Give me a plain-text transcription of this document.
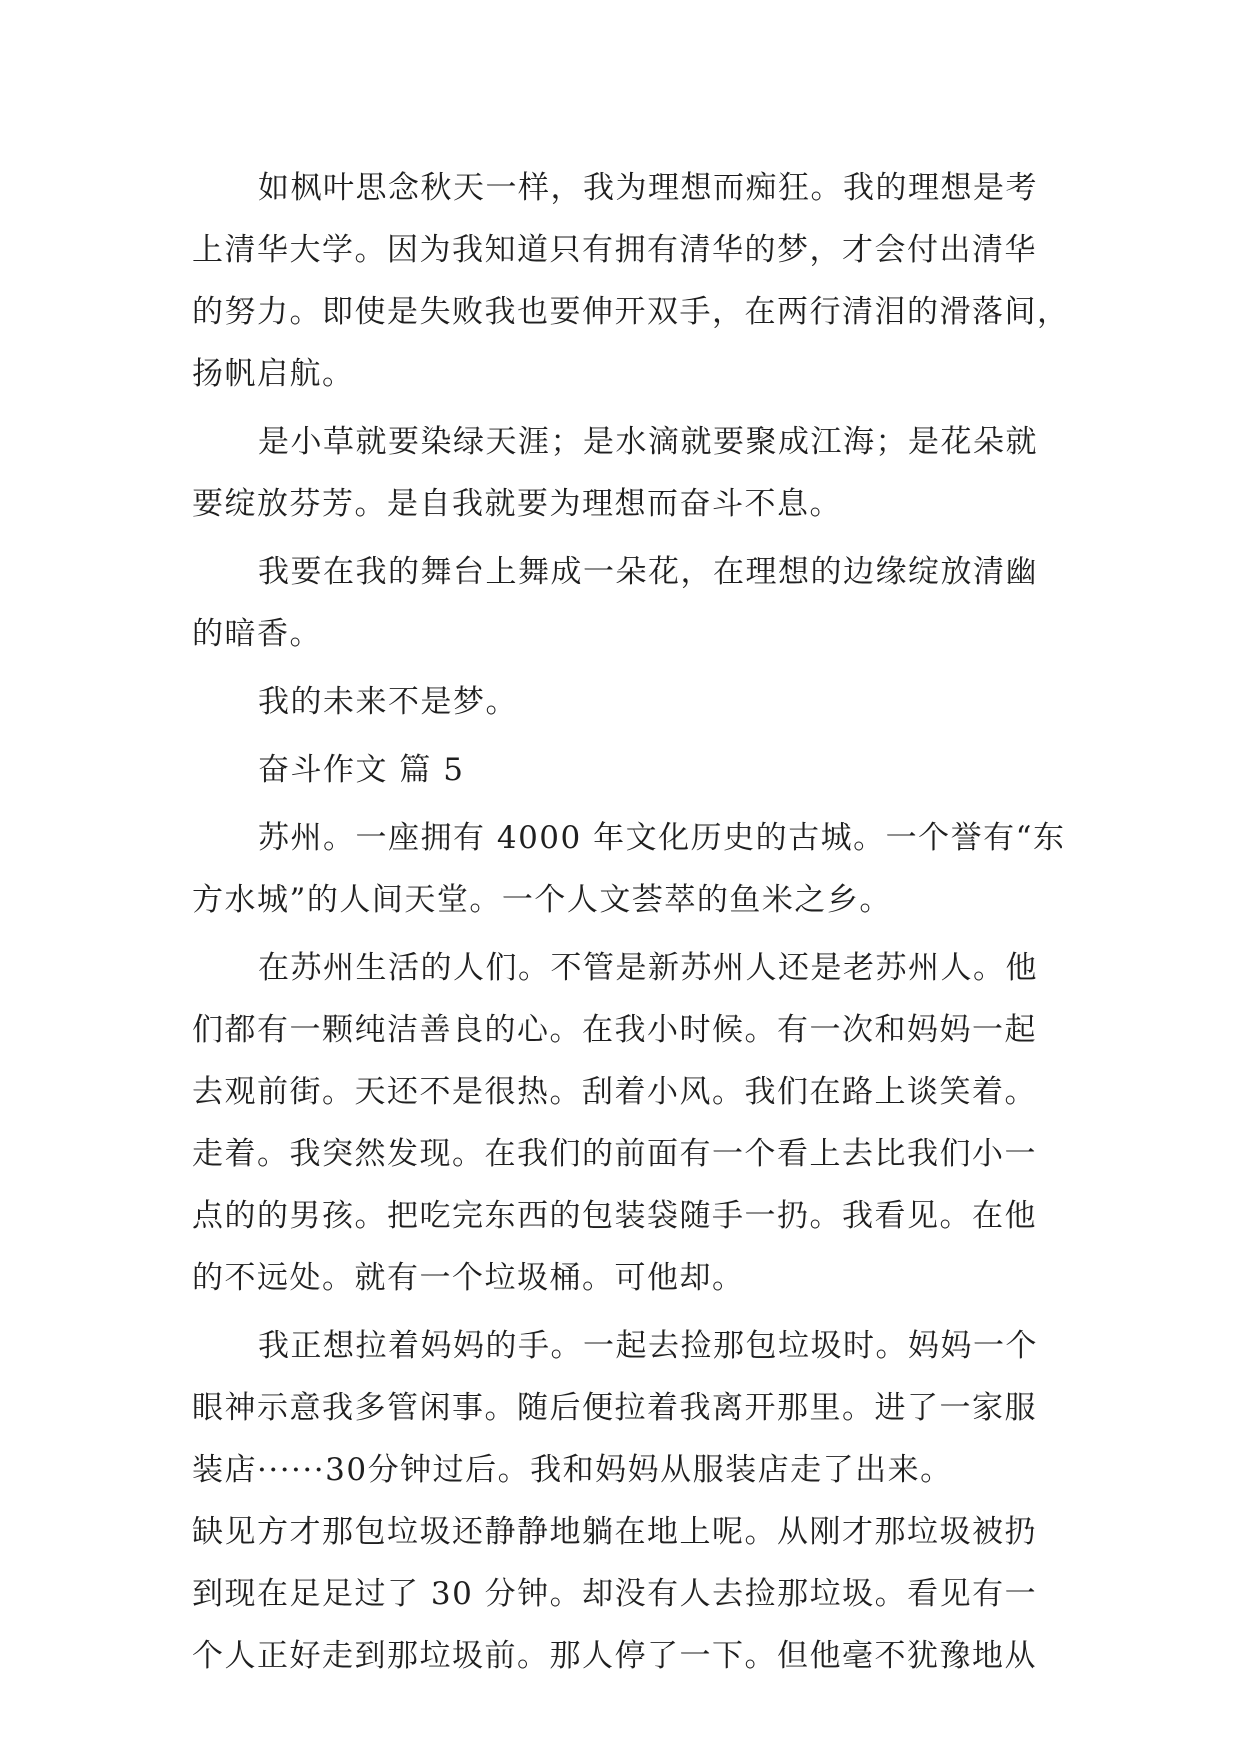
如枫叶思念秋天一样，我为理想而痴狂。我的理想是考
上清华大学。因为我知道只有拥有清华的梦，才会付出清华
的努力。即使是失败我也要伸开双手，在两行清泪的滑落间，
扬帆启航。
是小草就要染绿天涯；是水滴就要聚成江海；是花朵就
要绽放芬芳。是自我就要为理想而奋斗不息。
我要在我的舞台上舞成一朵花，在理想的边缘绽放清幽
的暗香。
我的未来不是梦。
奋斗作文 篇 5
苏州。一座拥有 4000 年文化历史的古城。一个誉有“东
方水城”的人间天堂。一个人文荟萃的鱼米之乡。
在苏州生活的人们。不管是新苏州人还是老苏州人。他
们都有一颗纯洁善良的心。在我小时候。有一次和妈妈一起
去观前街。天还不是很热。刮着小风。我们在路上谈笑着。
走着。我突然发现。在我们的前面有一个看上去比我们小一
点的的男孩。把吃完东西的包装袋随手一扔。我看见。在他
的不远处。就有一个垃圾桶。可他却。
我正想拉着妈妈的手。一起去捡那包垃圾时。妈妈一个
眼神示意我多管闲事。随后便拉着我离开那里。进了一家服
装店······30分钟过后。我和妈妈从服装店走了出来。
缺见方才那包垃圾还静静地躺在地上呢。从刚才那垃圾被扔
到现在足足过了 30 分钟。却没有人去捡那垃圾。看见有一
个人正好走到那垃圾前。那人停了一下。但他毫不犹豫地从
